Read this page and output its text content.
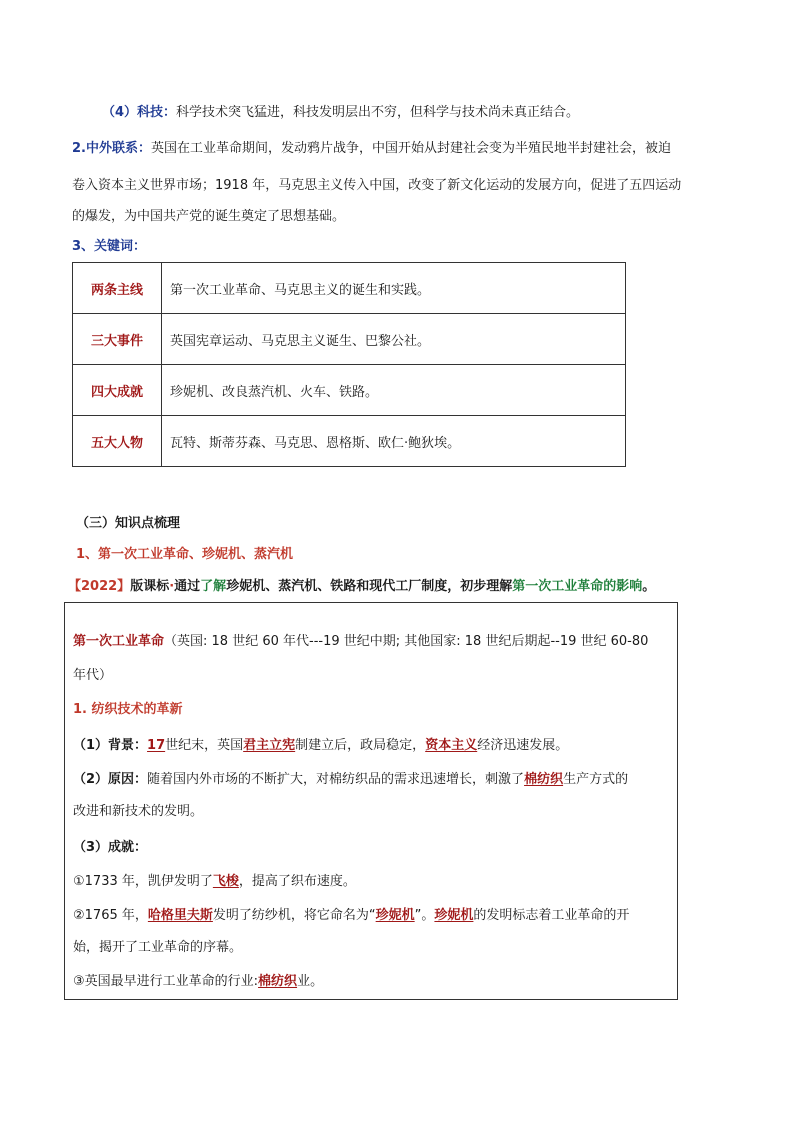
（4）科技：科学技术突飞猛进，科技发明层出不穷，但科学与技术尚未真正结合。
2.中外联系：英国在工业革命期间，发动鸦片战争，中国开始从封建社会变为半殖民地半封建社会，被迫
卷入资本主义世界市场；1918 年，马克思主义传入中国，改变了新文化运动的发展方向，促进了五四运动
的爆发，为中国共产党的诞生奠定了思想基础。
3、关键词：
两条主线	第一次工业革命、马克思主义的诞生和实践。
三大事件	英国宪章运动、马克思主义诞生、巴黎公社。
四大成就	珍妮机、改良蒸汽机、火车、铁路。
五大人物	瓦特、斯蒂芬森、马克思、恩格斯、欧仁·鲍狄埃。
（三）知识点梳理
1、第一次工业革命、珍妮机、蒸汽机
【2022】版课标·通过了解珍妮机、蒸汽机、铁路和现代工厂制度，初步理解第一次工业革命的影响。
第一次工业革命（英国: 18 世纪 60 年代---19 世纪中期; 其他国家: 18 世纪后期起--19 世纪 60-80
年代）
1. 纺织技术的革新
（1）背景：17世纪末，英国君主立宪制建立后，政局稳定，资本主义经济迅速发展。
（2）原因：随着国内外市场的不断扩大，对棉纺织品的需求迅速增长，刺激了棉纺织生产方式的
改进和新技术的发明。
（3）成就：
①1733 年，凯伊发明了飞梭，提高了织布速度。
②1765 年，哈格里夫斯发明了纺纱机，将它命名为“珍妮机”。珍妮机的发明标志着工业革命的开
始，揭开了工业革命的序幕。
③英国最早进行工业革命的行业:棉纺织业。
